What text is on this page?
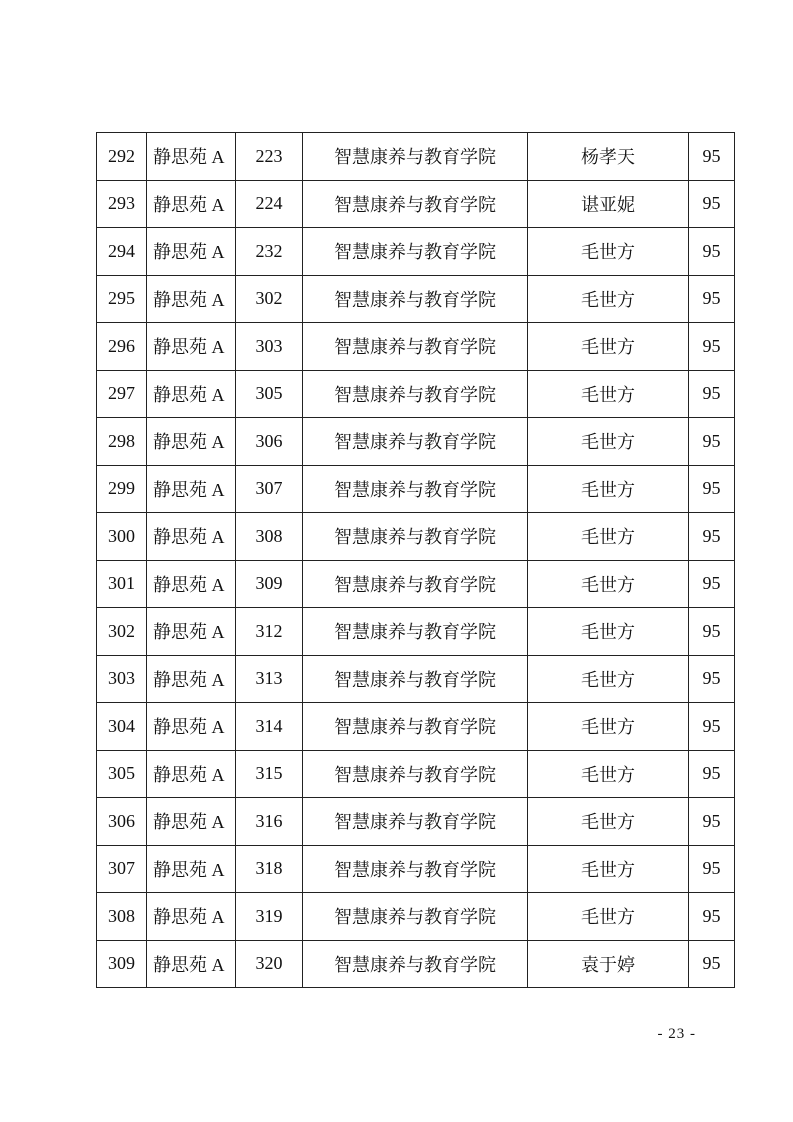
292	静思苑 A	223	智慧康养与教育学院	杨孝天	95
293	静思苑 A	224	智慧康养与教育学院	谌亚妮	95
294	静思苑 A	232	智慧康养与教育学院	毛世方	95
295	静思苑 A	302	智慧康养与教育学院	毛世方	95
296	静思苑 A	303	智慧康养与教育学院	毛世方	95
297	静思苑 A	305	智慧康养与教育学院	毛世方	95
298	静思苑 A	306	智慧康养与教育学院	毛世方	95
299	静思苑 A	307	智慧康养与教育学院	毛世方	95
300	静思苑 A	308	智慧康养与教育学院	毛世方	95
301	静思苑 A	309	智慧康养与教育学院	毛世方	95
302	静思苑 A	312	智慧康养与教育学院	毛世方	95
303	静思苑 A	313	智慧康养与教育学院	毛世方	95
304	静思苑 A	314	智慧康养与教育学院	毛世方	95
305	静思苑 A	315	智慧康养与教育学院	毛世方	95
306	静思苑 A	316	智慧康养与教育学院	毛世方	95
307	静思苑 A	318	智慧康养与教育学院	毛世方	95
308	静思苑 A	319	智慧康养与教育学院	毛世方	95
309	静思苑 A	320	智慧康养与教育学院	袁于婷	95
- 23 -
